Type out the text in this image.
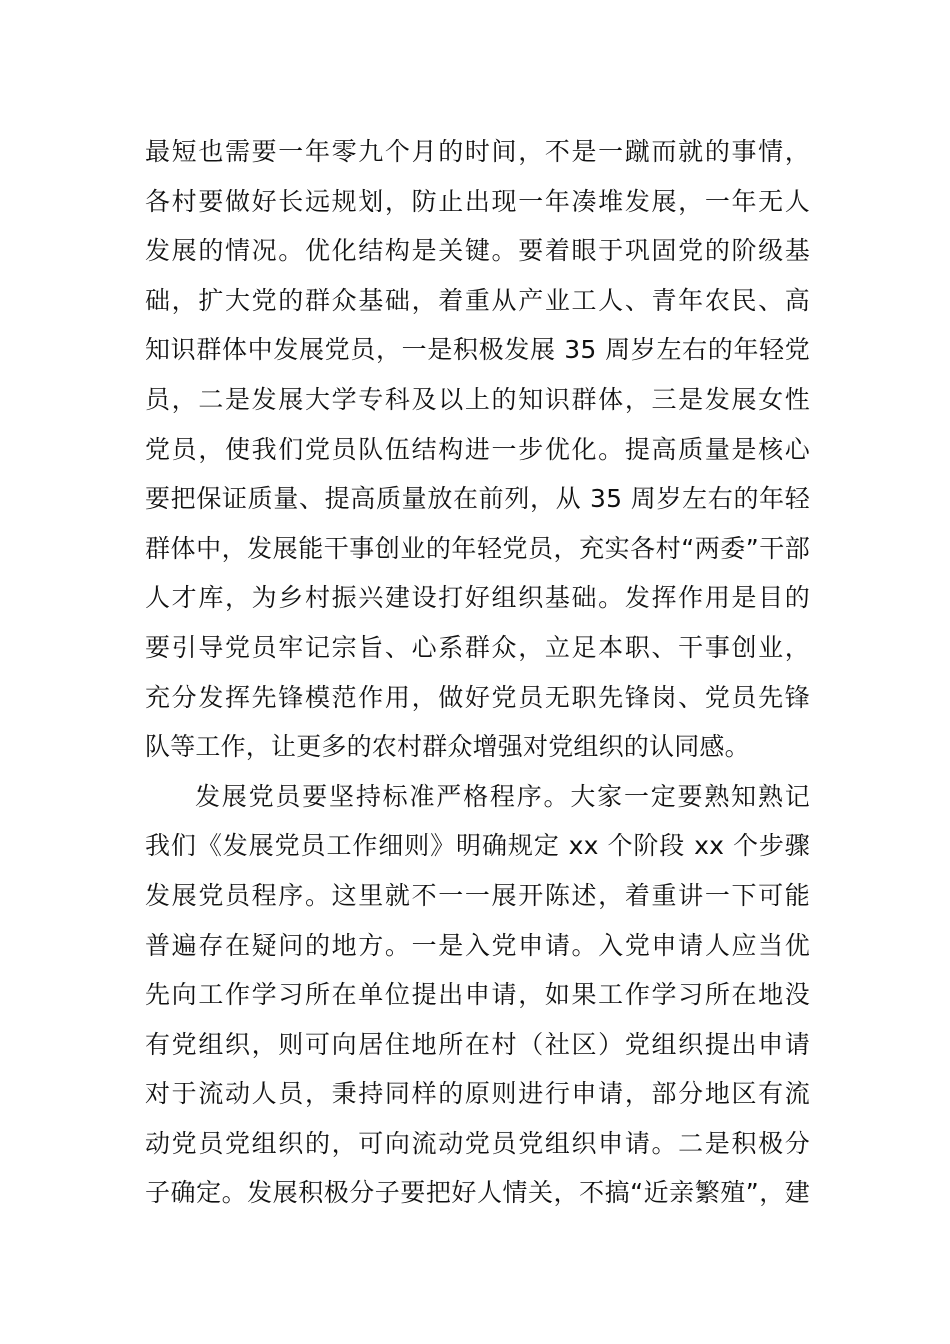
最短也需要一年零九个月的时间，不是一蹴而就的事情，
各村要做好长远规划，防止出现一年凑堆发展，一年无人
发展的情况。优化结构是关键。要着眼于巩固党的阶级基
础，扩大党的群众基础，着重从产业工人、青年农民、高
知识群体中发展党员，一是积极发展 35 周岁左右的年轻党
员，二是发展大学专科及以上的知识群体，三是发展女性
党员，使我们党员队伍结构进一步优化。提高质量是核心
要把保证质量、提高质量放在前列，从 35 周岁左右的年轻
群体中，发展能干事创业的年轻党员，充实各村“两委”干部
人才库，为乡村振兴建设打好组织基础。发挥作用是目的
要引导党员牢记宗旨、心系群众，立足本职、干事创业，
充分发挥先锋模范作用，做好党员无职先锋岗、党员先锋
队等工作，让更多的农村群众增强对党组织的认同感。
发展党员要坚持标准严格程序。大家一定要熟知熟记
我们《发展党员工作细则》明确规定 xx 个阶段 xx 个步骤
发展党员程序。这里就不一一展开陈述，着重讲一下可能
普遍存在疑问的地方。一是入党申请。入党申请人应当优
先向工作学习所在单位提出申请，如果工作学习所在地没
有党组织，则可向居住地所在村（社区）党组织提出申请
对于流动人员，秉持同样的原则进行申请，部分地区有流
动党员党组织的，可向流动党员党组织申请。二是积极分
子确定。发展积极分子要把好人情关，不搞“近亲繁殖”，建
